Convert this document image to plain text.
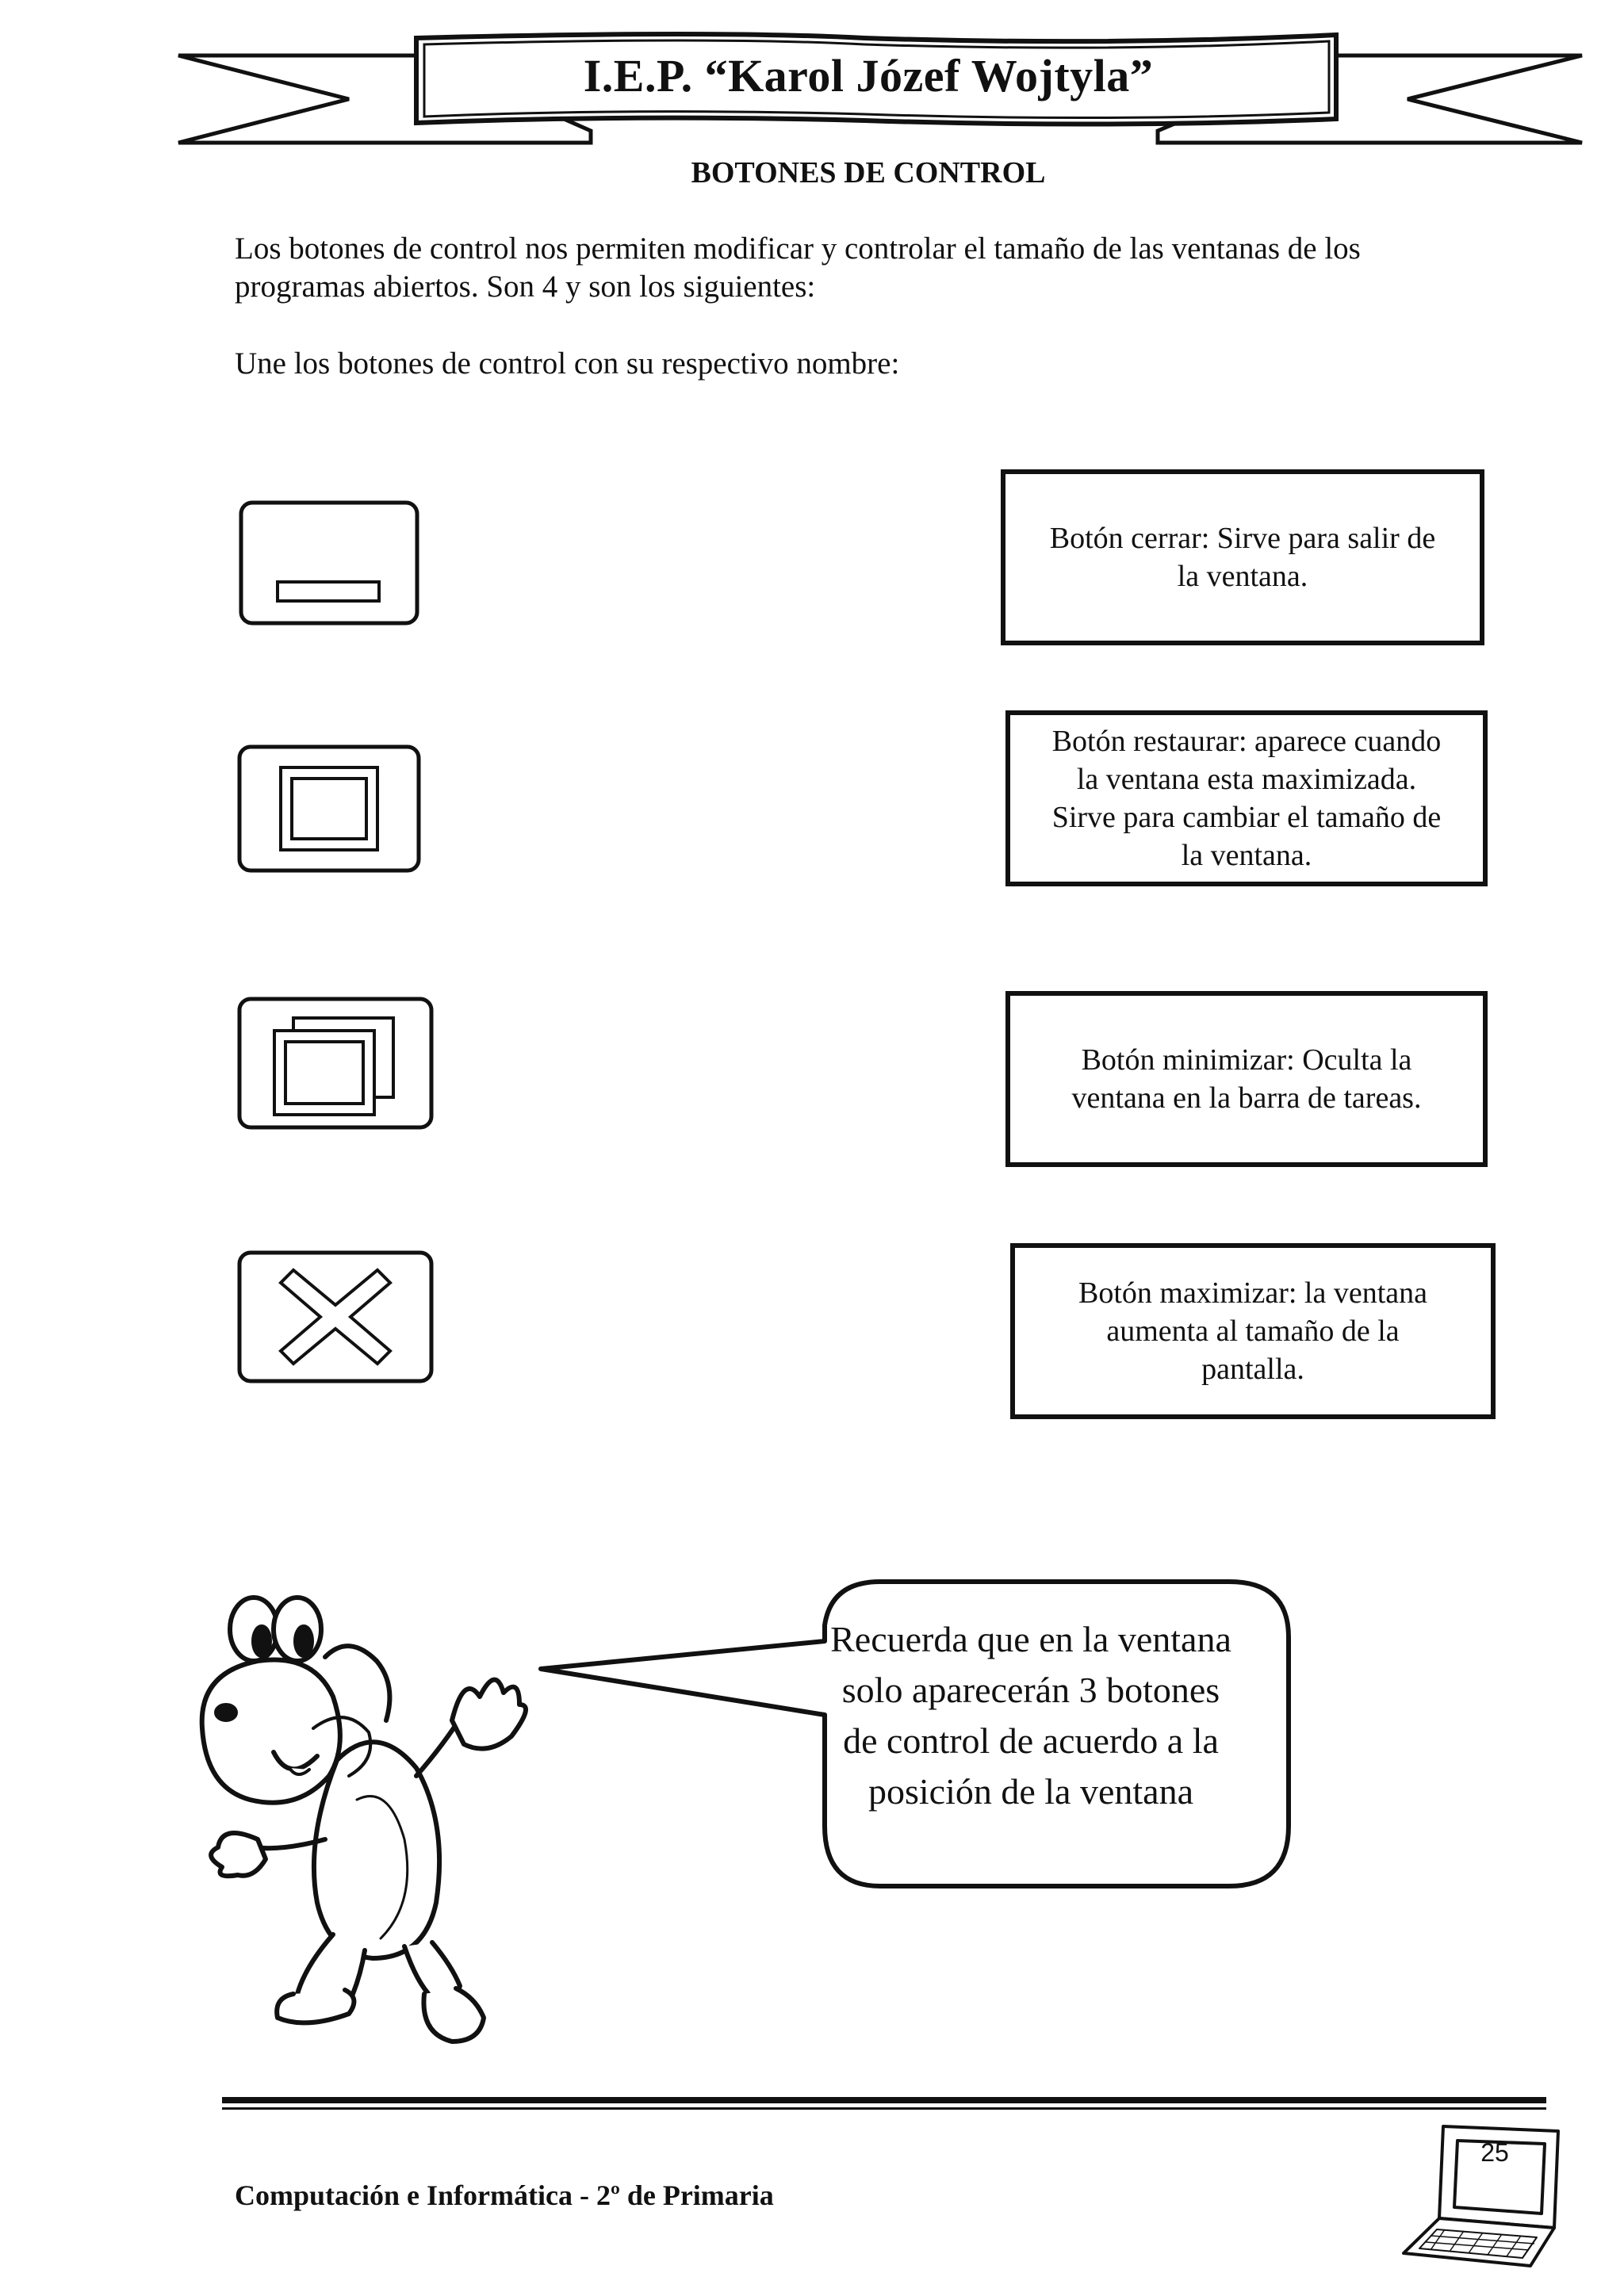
I.E.P. “Karol Józef Wojtyla”
BOTONES DE CONTROL
Los botones de control nos permiten modificar y controlar el tamaño de las ventanas de los
programas abiertos. Son 4 y son los siguientes:
Une los botones de control con su respectivo nombre:
Botón cerrar: Sirve para salir de
la ventana.
Botón restaurar: aparece cuando
la ventana esta maximizada.
Sirve para cambiar el tamaño de
la ventana.
Botón minimizar: Oculta la
ventana en la barra de tareas.
Botón maximizar: la ventana
aumenta al tamaño de la
pantalla.
Recuerda que en la ventana
solo aparecerán 3 botones
de control de acuerdo a la
posición de la ventana
Computación e Informática - 2º de Primaria
25
